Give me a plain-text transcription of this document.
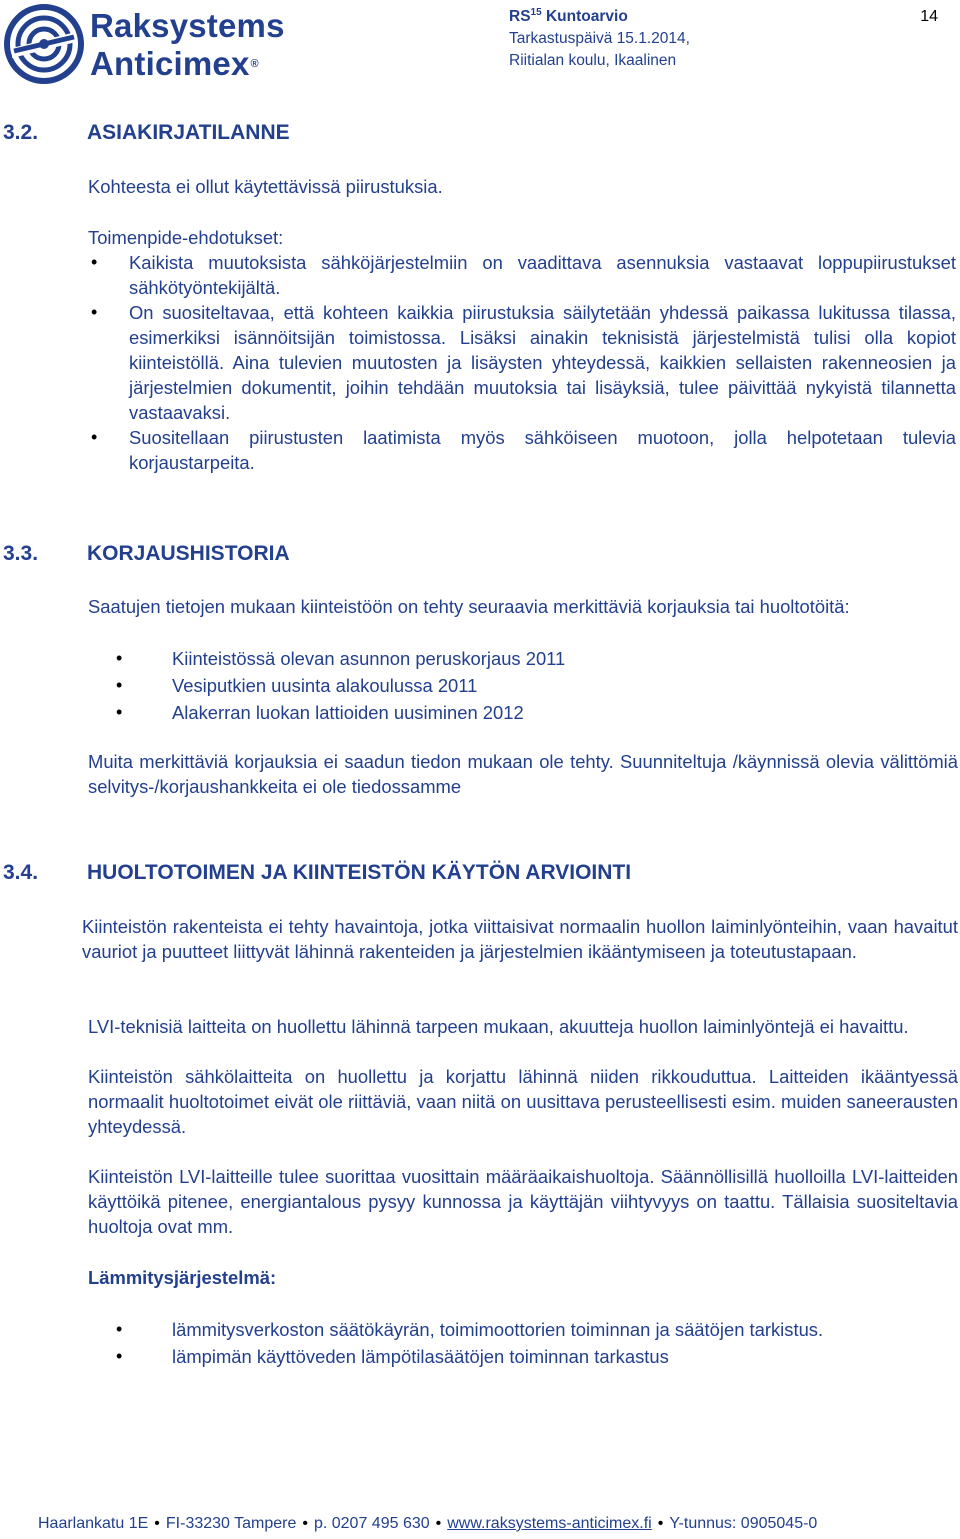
Raksystems
Anticimex®
RS$^{15}$ Kuntoarvio
Tarkastuspäivä 15.1.2014,
Riitialan koulu, Ikaalinen
14
3.2. ASIAKIRJATILANNE
Kohteesta ei ollut käytettävissä piirustuksia.
Toimenpide-ehdotukset:
• Kaikista muutoksista sähköjärjestelmiin on vaadittava asennuksia vastaavat loppupiirustukset sähkötyöntekijältä.
• On suositeltavaa, että kohteen kaikkia piirustuksia säilytetään yhdessä paikassa lukitussa tilassa, esimerkiksi isännöitsijän toimistossa. Lisäksi ainakin teknisistä järjestelmistä tulisi olla kopiot kiinteistöllä. Aina tulevien muutosten ja lisäysten yhteydessä, kaikkien sellaisten rakenneosien ja järjestelmien dokumentit, joihin tehdään muutoksia tai lisäyksiä, tulee päivittää nykyistä tilannetta vastaavaksi.
• Suositellaan piirustusten laatimista myös sähköiseen muotoon, jolla helpotetaan tulevia korjaustarpeita.
3.3. KORJAUSHISTORIA
Saatujen tietojen mukaan kiinteistöön on tehty seuraavia merkittäviä korjauksia tai huoltotöitä:
• Kiinteistössä olevan asunnon peruskorjaus 2011
• Vesiputkien uusinta alakoulussa 2011
• Alakerran luokan lattioiden uusiminen 2012
Muita merkittäviä korjauksia ei saadun tiedon mukaan ole tehty. Suunniteltuja /käynnissä olevia välittömiä selvitys-/korjaushankkeita ei ole tiedossamme
3.4. HUOLTOTOIMEN JA KIINTEISTÖN KÄYTÖN ARVIOINTI
Kiinteistön rakenteista ei tehty havaintoja, jotka viittaisivat normaalin huollon laiminlyönteihin, vaan havaitut vauriot ja puutteet liittyvät lähinnä rakenteiden ja järjestelmien ikääntymiseen ja toteutustapaan.
LVI-teknisiä laitteita on huollettu lähinnä tarpeen mukaan, akuutteja huollon laiminlyöntejä ei havaittu.
Kiinteistön sähkölaitteita on huollettu ja korjattu lähinnä niiden rikkouduttua. Laitteiden ikääntyessä normaalit huoltotoimet eivät ole riittäviä, vaan niitä on uusittava perusteellisesti esim. muiden saneerausten yhteydessä.
Kiinteistön LVI-laitteille tulee suorittaa vuosittain määräaikaishuoltoja. Säännöllisillä huolloilla LVI-laitteiden käyttöikä pitenee, energiantalous pysyy kunnossa ja käyttäjän viihtyvyys on taattu. Tällaisia suositeltavia huoltoja ovat mm.
Lämmitysjärjestelmä:
• lämmitysverkoston säätökäyrän, toimimoottorien toiminnan ja säätöjen tarkistus.
• lämpimän käyttöveden lämpötilasäätöjen toiminnan tarkastus
Haarlankatu 1E • FI-33230 Tampere • p. 0207 495 630 • www.raksystems-anticimex.fi • Y-tunnus: 0905045-0
